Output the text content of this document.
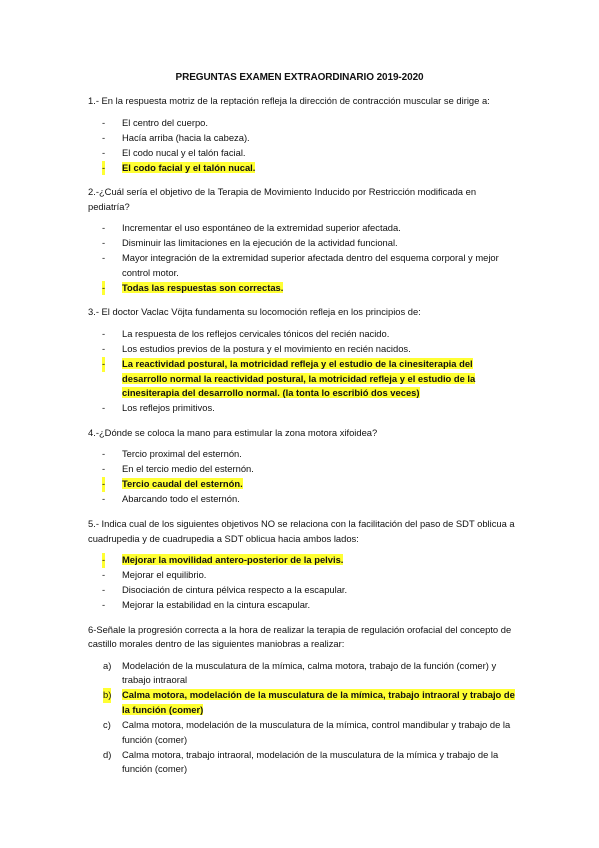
PREGUNTAS EXAMEN EXTRAORDINARIO 2019-2020

1.- En la respuesta motriz de la reptación refleja la dirección de contracción muscular se dirige a:

- El centro del cuerpo.
- Hacía arriba (hacia la cabeza).
- El codo nucal y el talón facial.
- El codo facial y el talón nucal.

2.-¿Cuál sería el objetivo de la Terapia de Movimiento Inducido por Restricción modificada en pediatría?

- Incrementar el uso espontáneo de la extremidad superior afectada.
- Disminuir las limitaciones en la ejecución de la actividad funcional.
- Mayor integración de la extremidad superior afectada dentro del esquema corporal y mejor control motor.
- Todas las respuestas son correctas.

3.- El doctor Vaclac Vöjta fundamenta su locomoción refleja en los principios de:

- La respuesta de los reflejos cervicales tónicos del recién nacido.
- Los estudios previos de la postura y el movimiento en recién nacidos.
- La reactividad postural, la motricidad refleja y el estudio de la cinesiterapia del desarrollo normal la reactividad postural, la motricidad refleja y el estudio de la cinesiterapia del desarrollo normal. (la tonta lo escribió dos veces)
- Los reflejos primitivos.

4.-¿Dónde se coloca la mano para estimular la zona motora xifoidea?

- Tercio proximal del esternón.
- En el tercio medio del esternón.
- Tercio caudal del esternón.
- Abarcando todo el esternón.

5.- Indica cual de los siguientes objetivos NO se relaciona con la facilitación del paso de SDT oblicua a cuadrupedia y de cuadrupedia a SDT oblicua hacia ambos lados:

- Mejorar la movilidad antero-posterior de la pelvis.
- Mejorar el equilibrio.
- Disociación de cintura pélvica respecto a la escapular.
- Mejorar la estabilidad en la cintura escapular.

6-Señale la progresión correcta a la hora de realizar la terapia de regulación orofacial del concepto de castillo morales dentro de las siguientes maniobras a realizar:

a) Modelación de la musculatura de la mímica, calma motora, trabajo de la función (comer) y trabajo intraoral
b) Calma motora, modelación de la musculatura de la mímica, trabajo intraoral y trabajo de la función (comer)
c) Calma motora, modelación de la musculatura de la mímica, control mandibular y trabajo de la función (comer)
d) Calma motora, trabajo intraoral, modelación de la musculatura de la mímica y trabajo de la función (comer)
